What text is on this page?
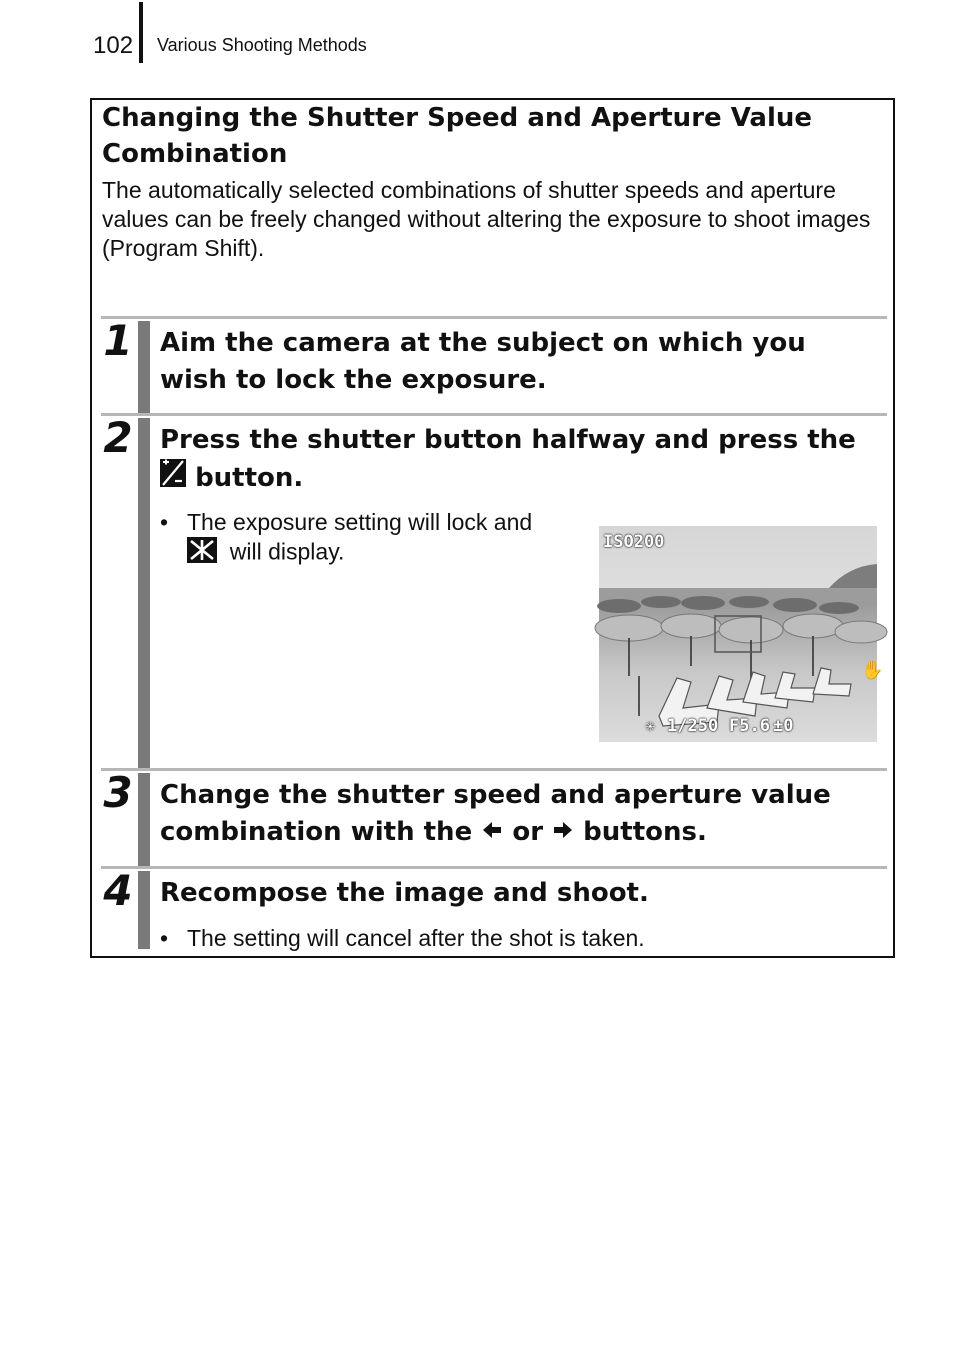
102 Various Shooting Methods
Changing the Shutter Speed and Aperture Value Combination
The automatically selected combinations of shutter speeds and aperture values can be freely changed without altering the exposure to shoot images (Program Shift).
1 Aim the camera at the subject on which you wish to lock the exposure.
2 Press the shutter button halfway and press the  button.
• The exposure setting will lock and
will display.
✋
ISO200
✳ 1/250 F5.6 ±0
3 Change the shutter speed and aperture value combination with the or buttons.
4 Recompose the image and shoot.
• The setting will cancel after the shot is taken.
